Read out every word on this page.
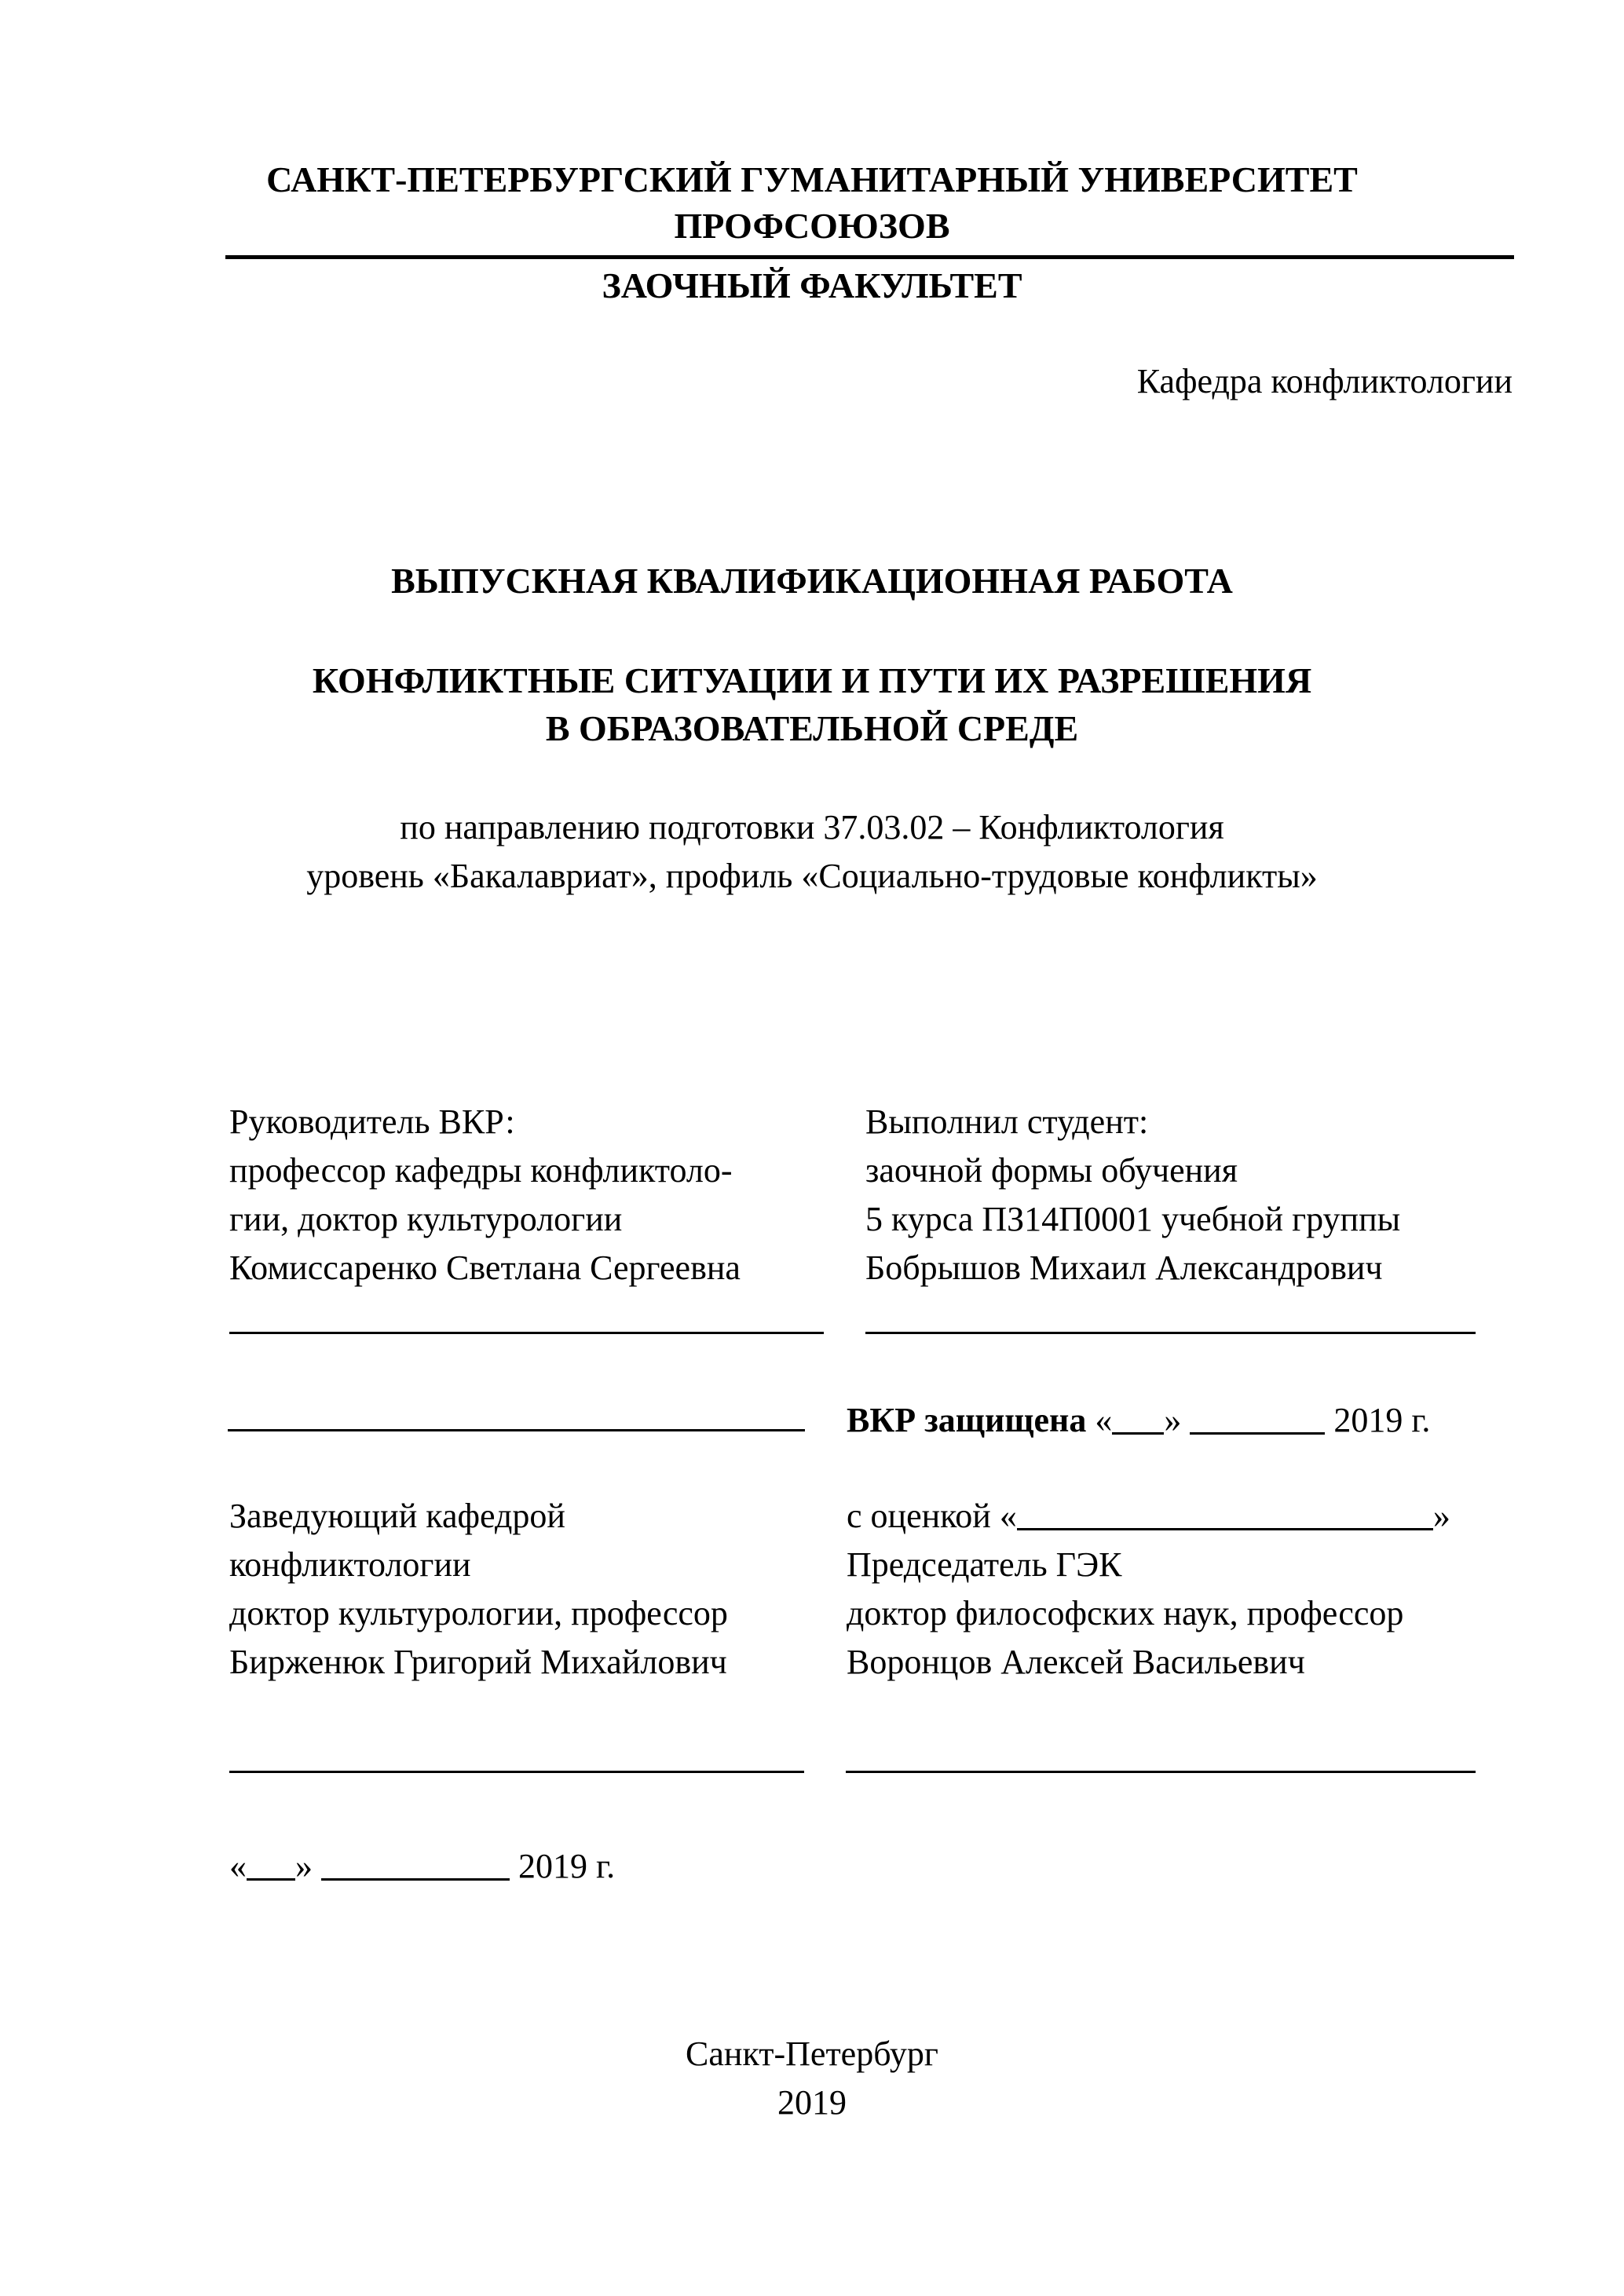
САНКТ-ПЕТЕРБУРГСКИЙ ГУМАНИТАРНЫЙ УНИВЕРСИТЕТ
ПРОФСОЮЗОВ
ЗАОЧНЫЙ ФАКУЛЬТЕТ
Кафедра конфликтологии
ВЫПУСКНАЯ КВАЛИФИКАЦИОННАЯ РАБОТА
КОНФЛИКТНЫЕ СИТУАЦИИ И ПУТИ ИХ РАЗРЕШЕНИЯ
В ОБРАЗОВАТЕЛЬНОЙ СРЕДЕ
по направлению подготовки 37.03.02 – Конфликтология
уровень «Бакалавриат», профиль «Социально-трудовые конфликты»
Руководитель ВКР:
профессор кафедры конфликтоло-
гии, доктор культурологии
Комиссаренко Светлана Сергеевна
Выполнил студент:
заочной формы обучения
5 курса ПЗ14П0001 учебной группы
Бобрышов Михаил Александрович
ВКР защищена « »	2019 г.
Заведующий кафедрой
конфликтологии
доктор культурологии, профессор
Бирженюк Григорий Михайлович
с оценкой «	»
Председатель ГЭК
доктор философских наук, профессор
Воронцов Алексей Васильевич
« »	2019 г.
Санкт-Петербург
2019
